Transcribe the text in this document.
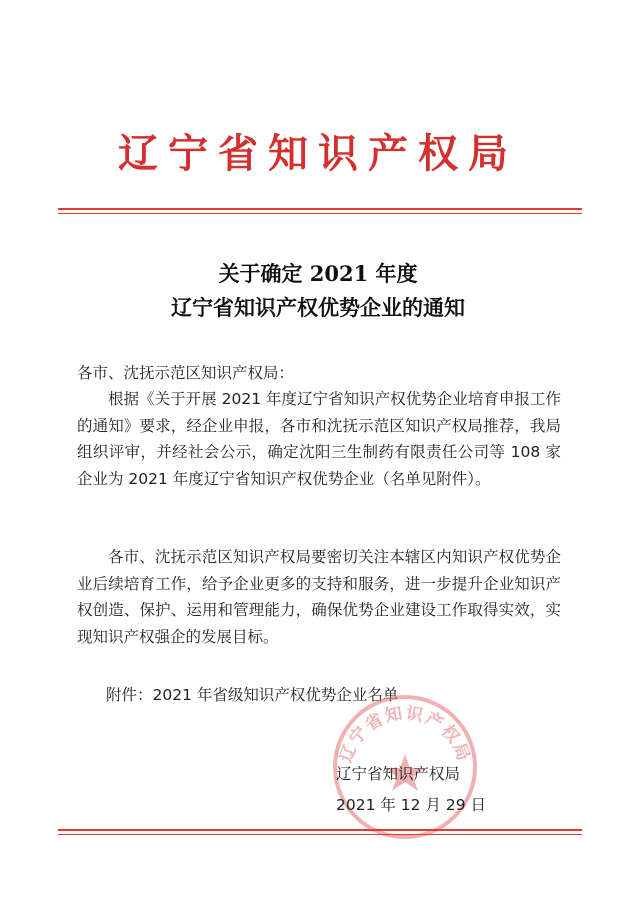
辽宁省知识产权局
关于确定 2021 年度
辽宁省知识产权优势企业的通知
各市、沈抚示范区知识产权局：

根据《关于开展 2021 年度辽宁省知识产权优势企业培育申报工作的通知》要求，经企业申报，各市和沈抚示范区知识产权局推荐，我局组织评审，并经社会公示，确定沈阳三生制药有限责任公司等 108 家企业为 2021 年度辽宁省知识产权优势企业（名单见附件）。

各市、沈抚示范区知识产权局要密切关注本辖区内知识产权优势企业后续培育工作，给予企业更多的支持和服务，进一步提升企业知识产权创造、保护、运用和管理能力，确保优势企业建设工作取得实效，实现知识产权强企的发展目标。

附件：2021 年省级知识产权优势企业名单
辽宁省知识产权局
辽宁省知识产权局
2021 年 12 月 29 日
